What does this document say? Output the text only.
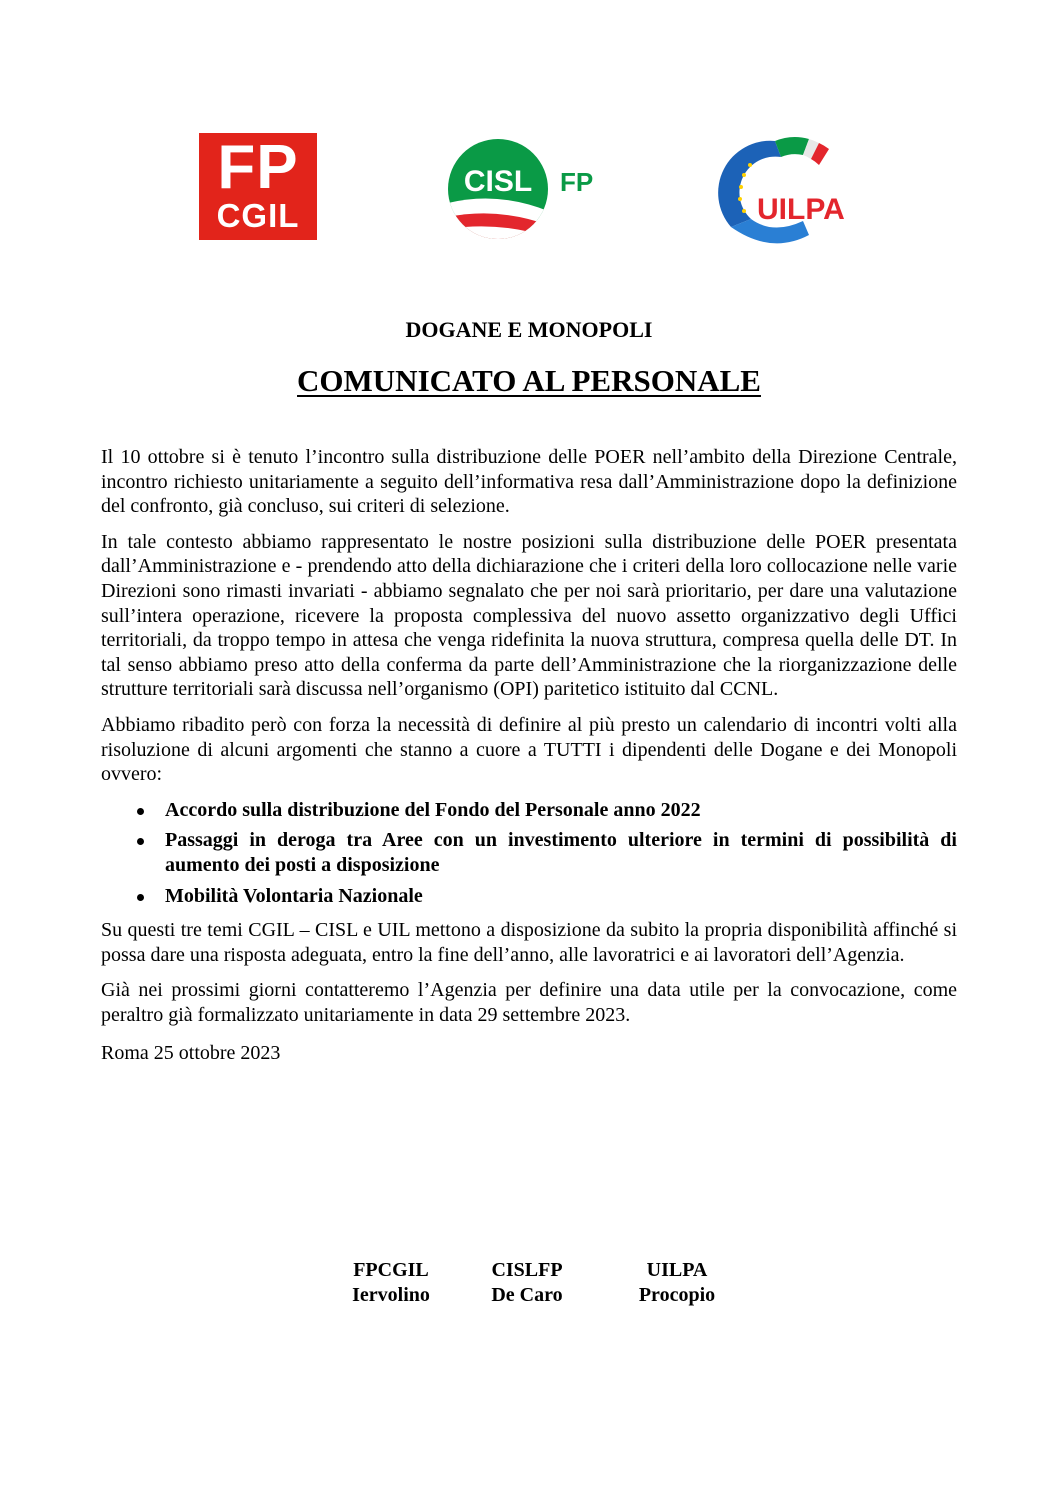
FP
CGIL
CISL FP
UILPA
DOGANE E MONOPOLI
COMUNICATO AL PERSONALE

Il 10 ottobre si è tenuto l’incontro sulla distribuzione delle POER nell’ambito della Direzione Centrale, incontro richiesto unitariamente a seguito dell’informativa resa dall’Amministrazione dopo la definizione del confronto, già concluso, sui criteri di selezione.

In tale contesto abbiamo rappresentato le nostre posizioni sulla distribuzione delle POER presentata dall’Amministrazione e - prendendo atto della dichiarazione che i criteri della loro collocazione nelle varie Direzioni sono rimasti invariati - abbiamo segnalato che per noi sarà prioritario, per dare una valutazione sull’intera operazione, ricevere la proposta complessiva del nuovo assetto organizzativo degli Uffici territoriali, da troppo tempo in attesa che venga ridefinita la nuova struttura, compresa quella delle DT. In tal senso abbiamo preso atto della conferma da parte dell’Amministrazione che la riorganizzazione delle strutture territoriali sarà discussa nell’organismo (OPI) paritetico istituito dal CCNL.

Abbiamo ribadito però con forza la necessità di definire al più presto un calendario di incontri volti alla risoluzione di alcuni argomenti che stanno a cuore a TUTTI i dipendenti delle Dogane e dei Monopoli ovvero:

Accordo sulla distribuzione del Fondo del Personale anno 2022
Passaggi in deroga tra Aree con un investimento ulteriore in termini di possibilità di aumento dei posti a disposizione
Mobilità Volontaria Nazionale

Su questi tre temi CGIL – CISL e UIL mettono a disposizione da subito la propria disponibilità affinché si possa dare una risposta adeguata, entro la fine dell’anno, alle lavoratrici e ai lavoratori dell’Agenzia.

Già nei prossimi giorni contatteremo l’Agenzia per definire una data utile per la convocazione, come peraltro già formalizzato unitariamente in data 29 settembre 2023.

Roma 25 ottobre 2023

FPCGIL
Iervolino
CISLFP
De Caro
UILPA
Procopio
